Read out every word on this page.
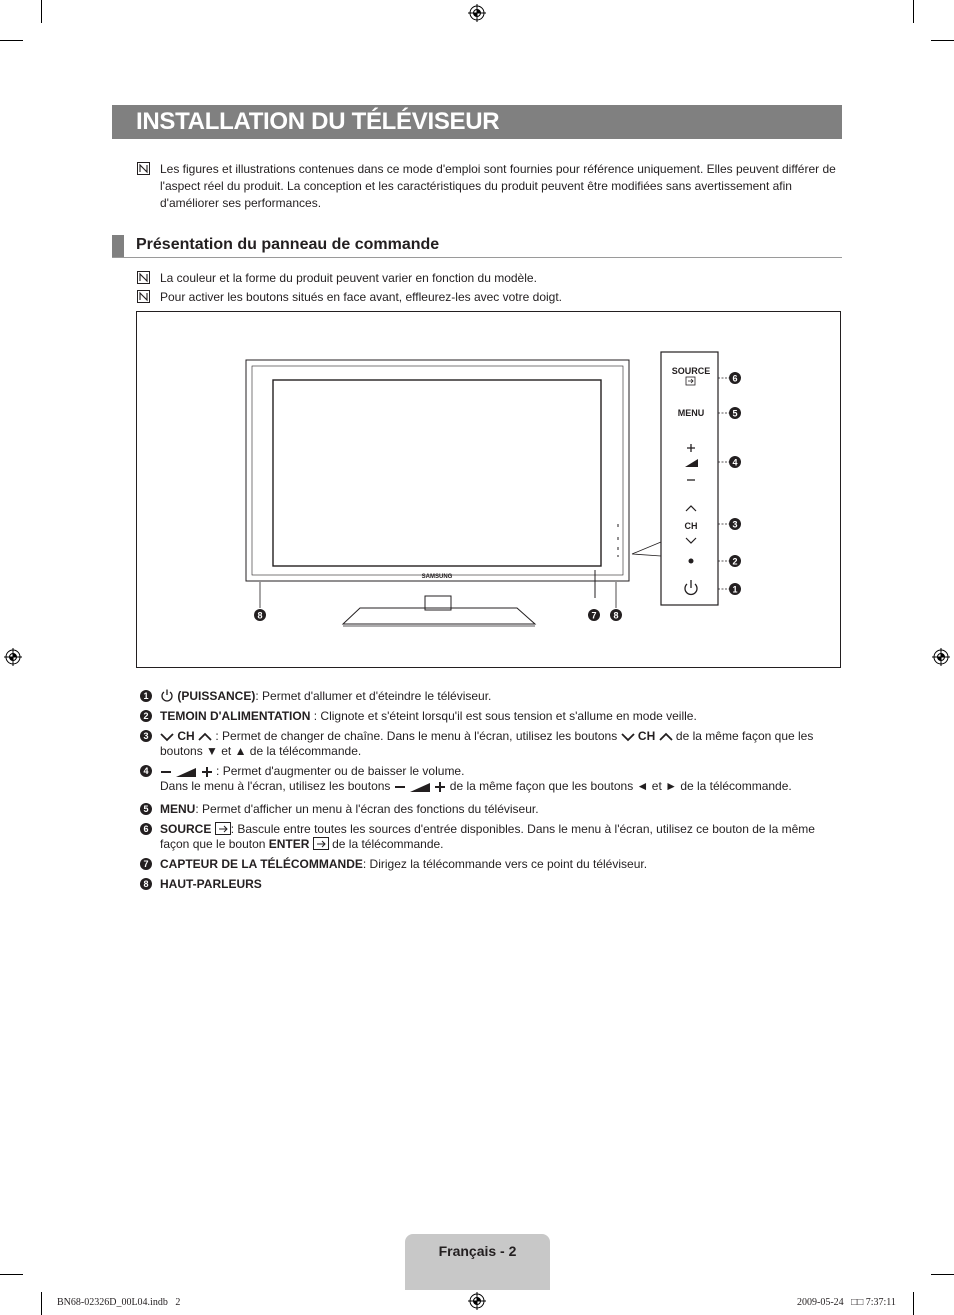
INSTALLATION DU TÉLÉVISEUR
Les figures et illustrations contenues dans ce mode d'emploi sont fournies pour référence uniquement. Elles peuvent différer de l'aspect réel du produit. La conception et les caractéristiques du produit peuvent être modifiées sans avertissement afin d'améliorer ses performances.
Présentation du panneau de commande
La couleur et la forme du produit peuvent varier en fonction du modèle.
Pour activer les boutons situés en face avant, effleurez-les avec votre doigt.
SAMSUNG
SOURCE
MENU
CH
6
5
4
3
2
1
8	7 8
1	(PUISSANCE): Permet d'allumer et d'éteindre le téléviseur.
2 TEMOIN D'ALIMENTATION : Clignote et s'éteint lorsqu'il est sous tension et s'allume en mode veille.
3	CH  : Permet de changer de chaîne. Dans le menu à l'écran, utilisez les boutons  CH  de la même façon que les boutons ▼ et ▲ de la télécommande.
4	: Permet d'augmenter ou de baisser le volume.
Dans le menu à l'écran, utilisez les boutons	de la même façon que les boutons ◄ et ► de la télécommande.
5 MENU: Permet d'afficher un menu à l'écran des fonctions du téléviseur.
6 SOURCE : Bascule entre toutes les sources d'entrée disponibles. Dans le menu à l'écran, utilisez ce bouton de la même façon que le bouton ENTER  de la télécommande.
7 CAPTEUR DE LA TÉLÉCOMMANDE: Dirigez la télécommande vers ce point du téléviseur.
8 HAUT-PARLEURS
Français - 2
BN68-02326D_00L04.indb   2	2009-05-24   □□ 7:37:11
